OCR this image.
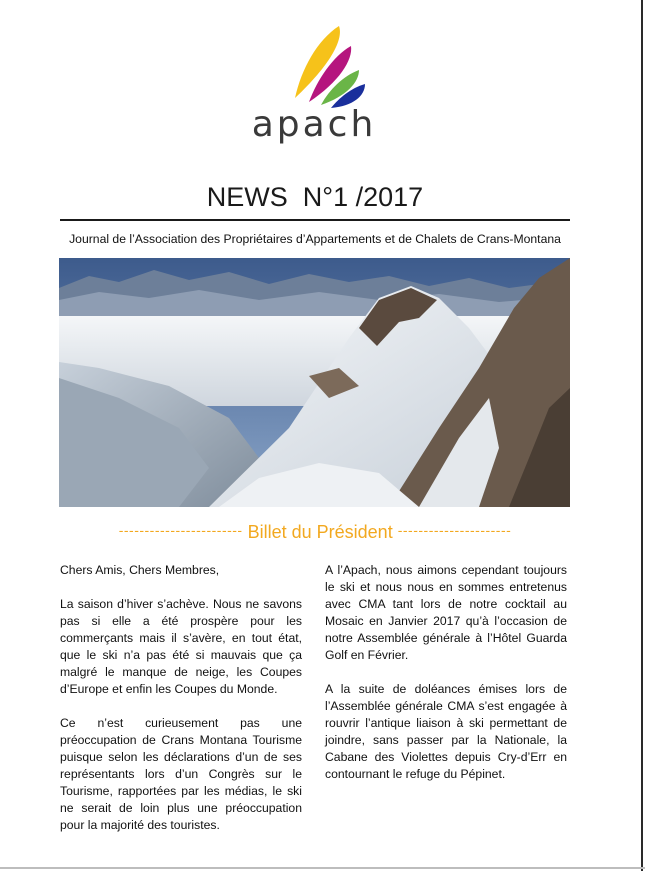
apach
NEWS  N°1 /2017
Journal de l’Association des Propriétaires d’Appartements et de Chalets de Crans-Montana
------------------------ Billet du Président ----------------------

Chers Amis, Chers Membres,

La saison d’hiver s’achève. Nous ne savons pas si elle a été prospère pour les commerçants mais il s’avère, en tout état, que le ski n’a pas été si mauvais que ça malgré le manque de neige, les Coupes d’Europe et enfin les Coupes du Monde.

Ce n’est curieusement pas une préoccupation de Crans Montana Tourisme puisque selon les déclarations d’un de ses représentants lors d’un Congrès sur le Tourisme, rapportées par les médias, le ski ne serait de loin plus une préoccupation pour la majorité des touristes.

A l’Apach, nous aimons cependant toujours le ski et nous nous en sommes entretenus avec CMA tant lors de notre cocktail au Mosaic en Janvier 2017 qu’à l’occasion de notre Assemblée générale à l’Hôtel Guarda Golf en Février.

A la suite de doléances émises lors de l’Assemblée générale CMA s’est engagée à rouvrir l’antique liaison à ski permettant de joindre, sans passer par la Nationale, la Cabane des Violettes depuis Cry-d’Err en contournant le refuge du Pépinet.
